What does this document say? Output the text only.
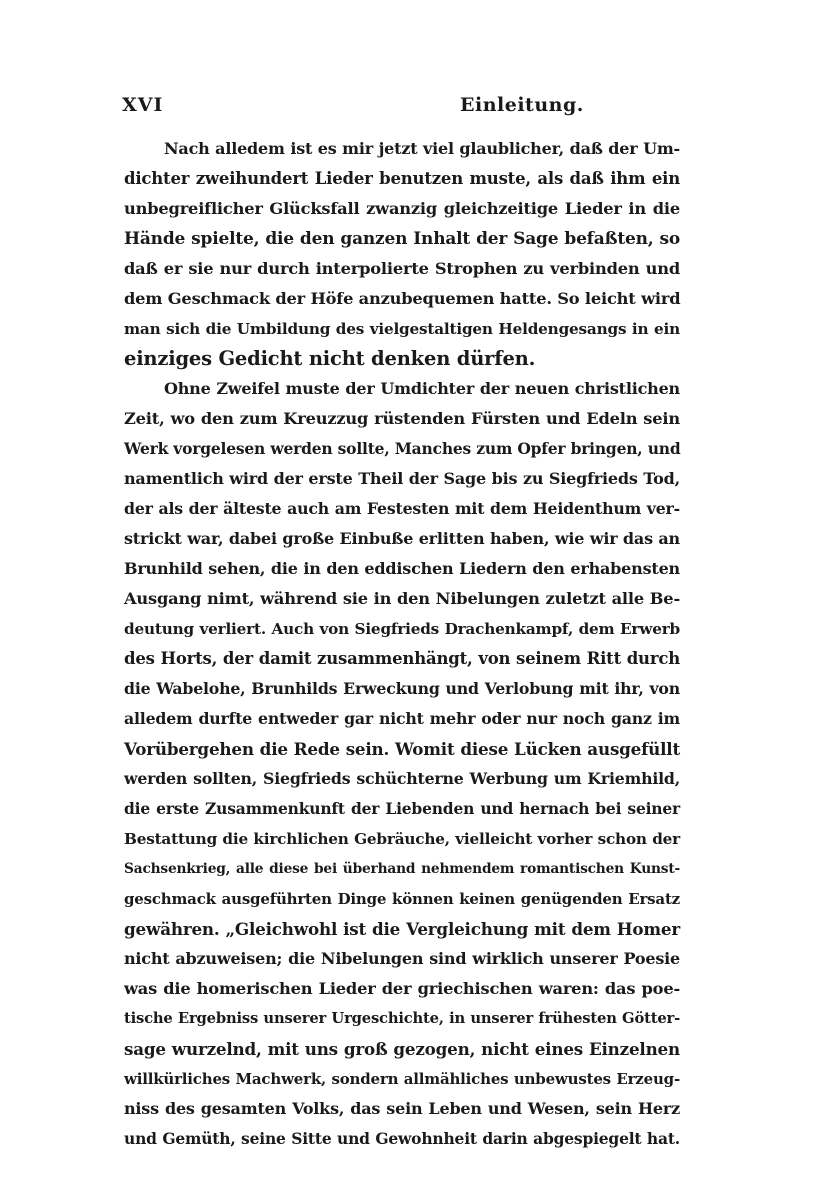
XVI	Einleitung.
Nach alledem ist es mir jetzt viel glaublicher, daß der Um-
dichter zweihundert Lieder benutzen muste, als daß ihm ein
unbegreiflicher Glücksfall zwanzig gleichzeitige Lieder in die
Hände spielte, die den ganzen Inhalt der Sage befaßten, so
daß er sie nur durch interpolierte Strophen zu verbinden und
dem Geschmack der Höfe anzubequemen hatte. So leicht wird
man sich die Umbildung des vielgestaltigen Heldengesangs in ein
einziges Gedicht nicht denken dürfen.
Ohne Zweifel muste der Umdichter der neuen christlichen
Zeit, wo den zum Kreuzzug rüstenden Fürsten und Edeln sein
Werk vorgelesen werden sollte, Manches zum Opfer bringen, und
namentlich wird der erste Theil der Sage bis zu Siegfrieds Tod,
der als der älteste auch am Festesten mit dem Heidenthum ver-
strickt war, dabei große Einbuße erlitten haben, wie wir das an
Brunhild sehen, die in den eddischen Liedern den erhabensten
Ausgang nimt, während sie in den Nibelungen zuletzt alle Be-
deutung verliert. Auch von Siegfrieds Drachenkampf, dem Erwerb
des Horts, der damit zusammenhängt, von seinem Ritt durch
die Wabelohe, Brunhilds Erweckung und Verlobung mit ihr, von
alledem durfte entweder gar nicht mehr oder nur noch ganz im
Vorübergehen die Rede sein. Womit diese Lücken ausgefüllt
werden sollten, Siegfrieds schüchterne Werbung um Kriemhild,
die erste Zusammenkunft der Liebenden und hernach bei seiner
Bestattung die kirchlichen Gebräuche, vielleicht vorher schon der
Sachsenkrieg, alle diese bei überhand nehmendem romantischen Kunst-
geschmack ausgeführten Dinge können keinen genügenden Ersatz
gewähren. „Gleichwohl ist die Vergleichung mit dem Homer
nicht abzuweisen; die Nibelungen sind wirklich unserer Poesie
was die homerischen Lieder der griechischen waren: das poe-
tische Ergebniss unserer Urgeschichte, in unserer frühesten Götter-
sage wurzelnd, mit uns groß gezogen, nicht eines Einzelnen
willkürliches Machwerk, sondern allmähliches unbewustes Erzeug-
niss des gesamten Volks, das sein Leben und Wesen, sein Herz
und Gemüth, seine Sitte und Gewohnheit darin abgespiegelt hat.
